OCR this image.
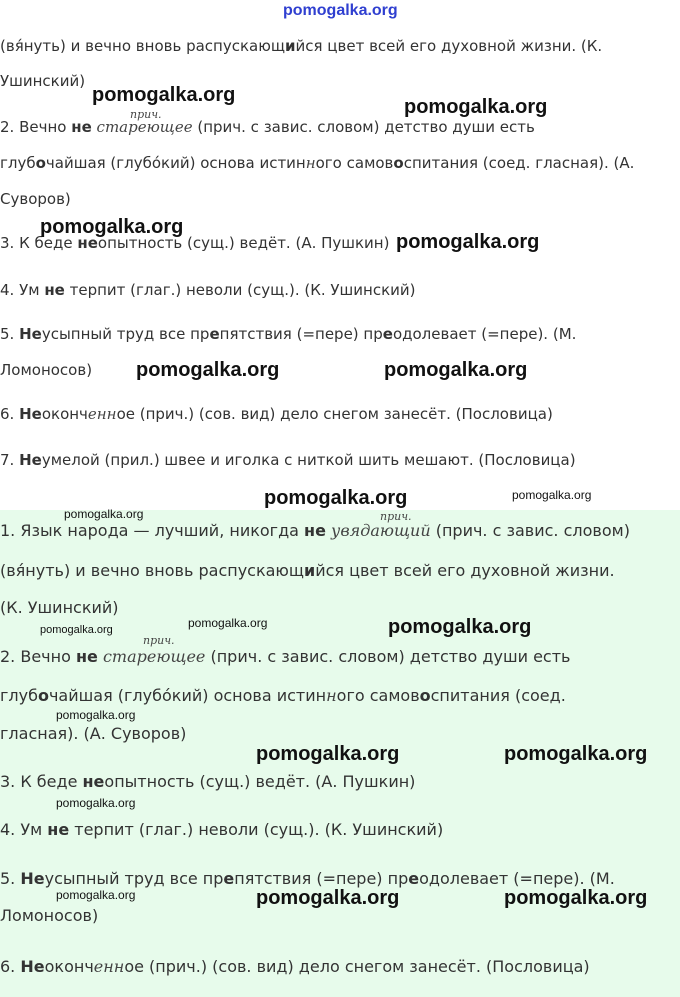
pomogalka.org
(вя́нуть) и вечно вновь распускающийся цвет всей его духовной жизни. (К.
Ушинский)
прич.
2. Вечно не стареющее (прич. с завис. словом) детство души есть
глубочайшая (глубо́кий) основа истинного самовоспитания (соед. гласная). (А.
Суворов)
3. К беде неопытность (сущ.) ведёт. (А. Пушкин)
4. Ум не терпит (глаг.) неволи (сущ.). (К. Ушинский)
5. Неусыпный труд все препятствия (=пере) преодолевает (=пере). (М.
Ломоносов)
6. Неоконченное (прич.) (сов. вид) дело снегом занесёт. (Пословица)
7. Неумелой (прил.) швее и иголка с ниткой шить мешают. (Пословица)
прич.
1. Язык народа — лучший, никогда не увядающий (прич. с завис. словом)
(вя́нуть) и вечно вновь распускающийся цвет всей его духовной жизни.
(К. Ушинский)
прич.
2. Вечно не стареющее (прич. с завис. словом) детство души есть
глубочайшая (глубо́кий) основа истинного самовоспитания (соед.
гласная). (А. Суворов)
3. К беде неопытность (сущ.) ведёт. (А. Пушкин)
4. Ум не терпит (глаг.) неволи (сущ.). (К. Ушинский)
5. Неусыпный труд все препятствия (=пере) преодолевает (=пере). (М.
Ломоносов)
6. Неоконченное (прич.) (сов. вид) дело снегом занесёт. (Пословица)
pomogalka.org
pomogalka.org
pomogalka.org
pomogalka.org
pomogalka.org	pomogalka.org
pomogalka.org	pomogalka.org
pomogalka.org
pomogalka.org	pomogalka.org	pomogalka.org
pomogalka.org
pomogalka.org	pomogalka.org
pomogalka.org
pomogalka.org	pomogalka.org	pomogalka.org
